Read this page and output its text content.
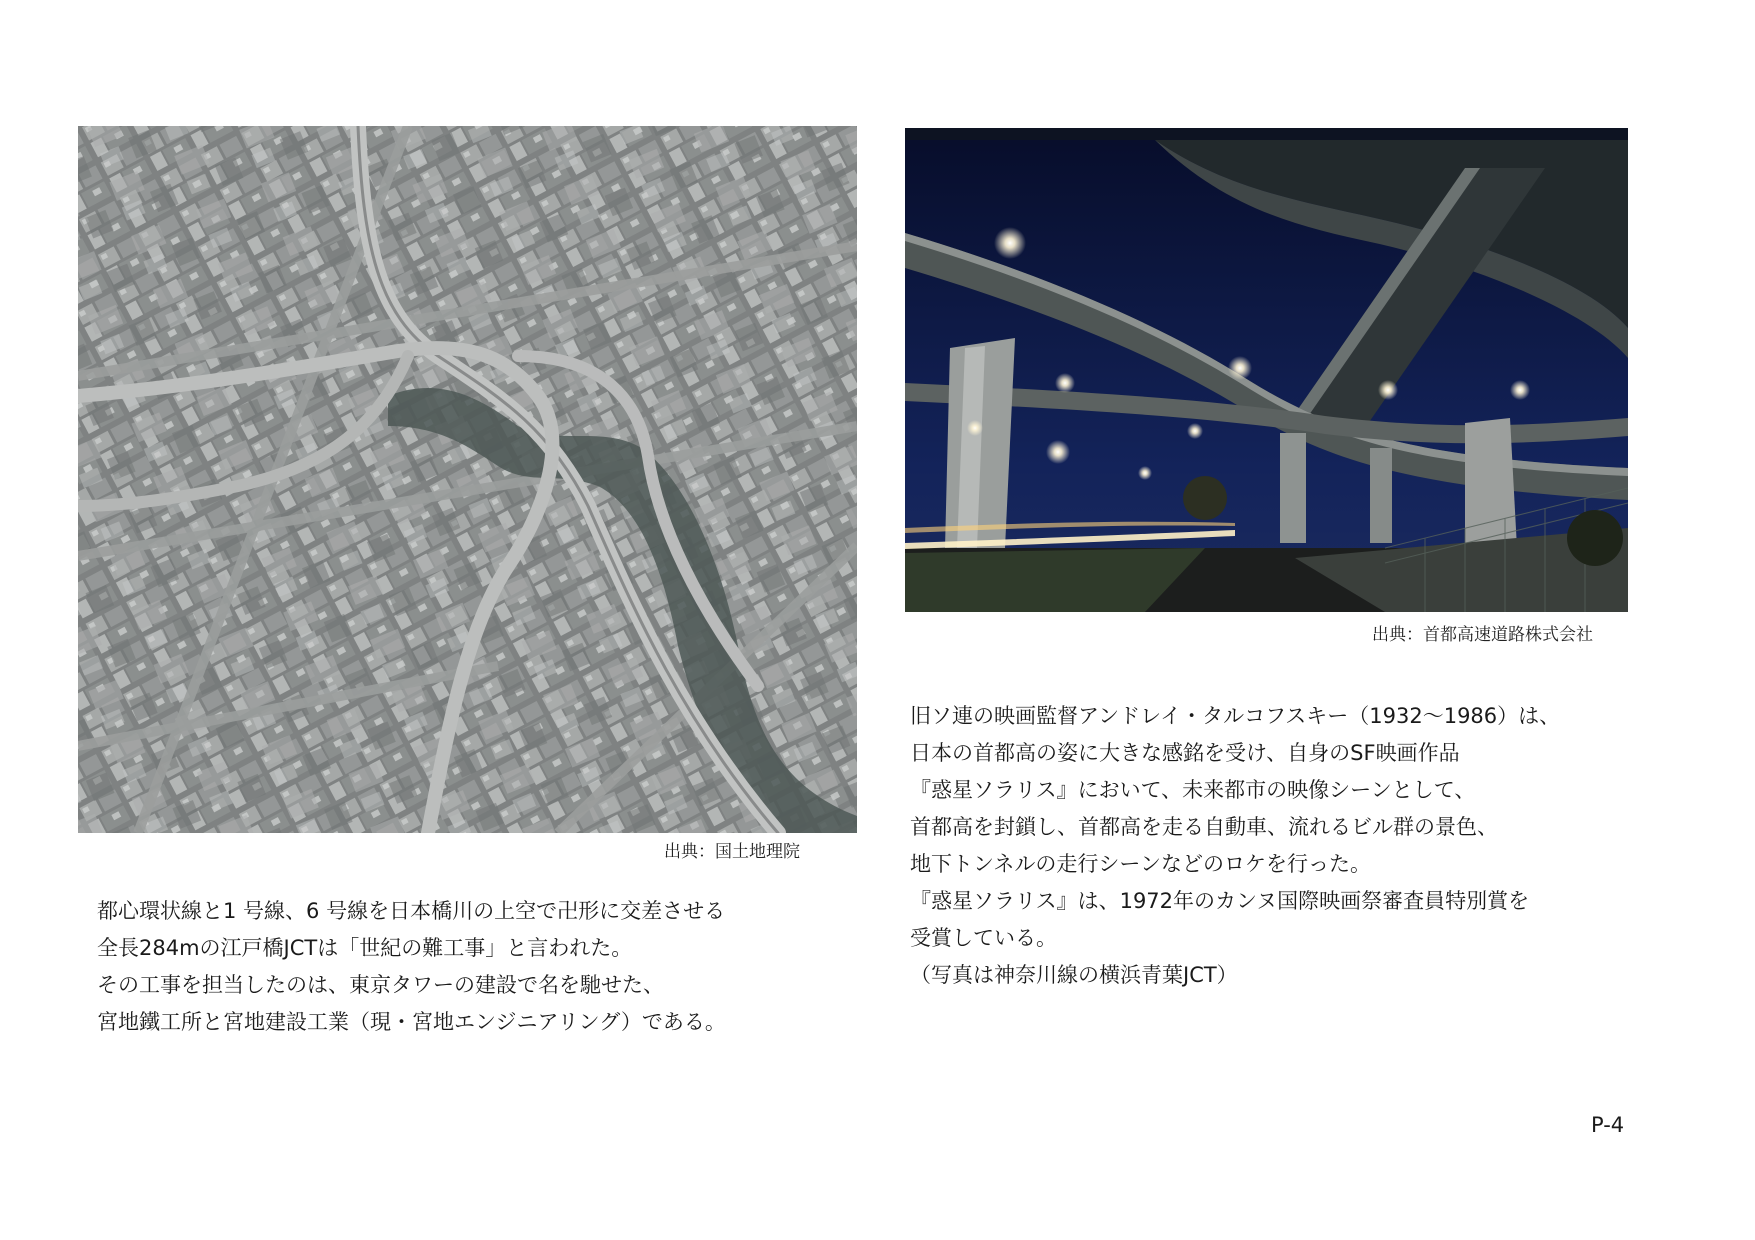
出典：国土地理院
出典：首都高速道路株式会社
都心環状線と1 号線、6 号線を日本橋川の上空で卍形に交差させる
全長284mの江戸橋JCTは「世紀の難工事」と言われた。
その工事を担当したのは、東京タワーの建設で名を馳せた、
宮地鐵工所と宮地建設工業（現・宮地エンジニアリング）である。
旧ソ連の映画監督アンドレイ・タルコフスキー（1932〜1986）は、
日本の首都高の姿に大きな感銘を受け、自身のSF映画作品
『惑星ソラリス』において、未来都市の映像シーンとして、
首都高を封鎖し、首都高を走る自動車、流れるビル群の景色、
地下トンネルの走行シーンなどのロケを行った。
『惑星ソラリス』は、1972年のカンヌ国際映画祭審査員特別賞を
受賞している。
（写真は神奈川線の横浜青葉JCT）
P-4
